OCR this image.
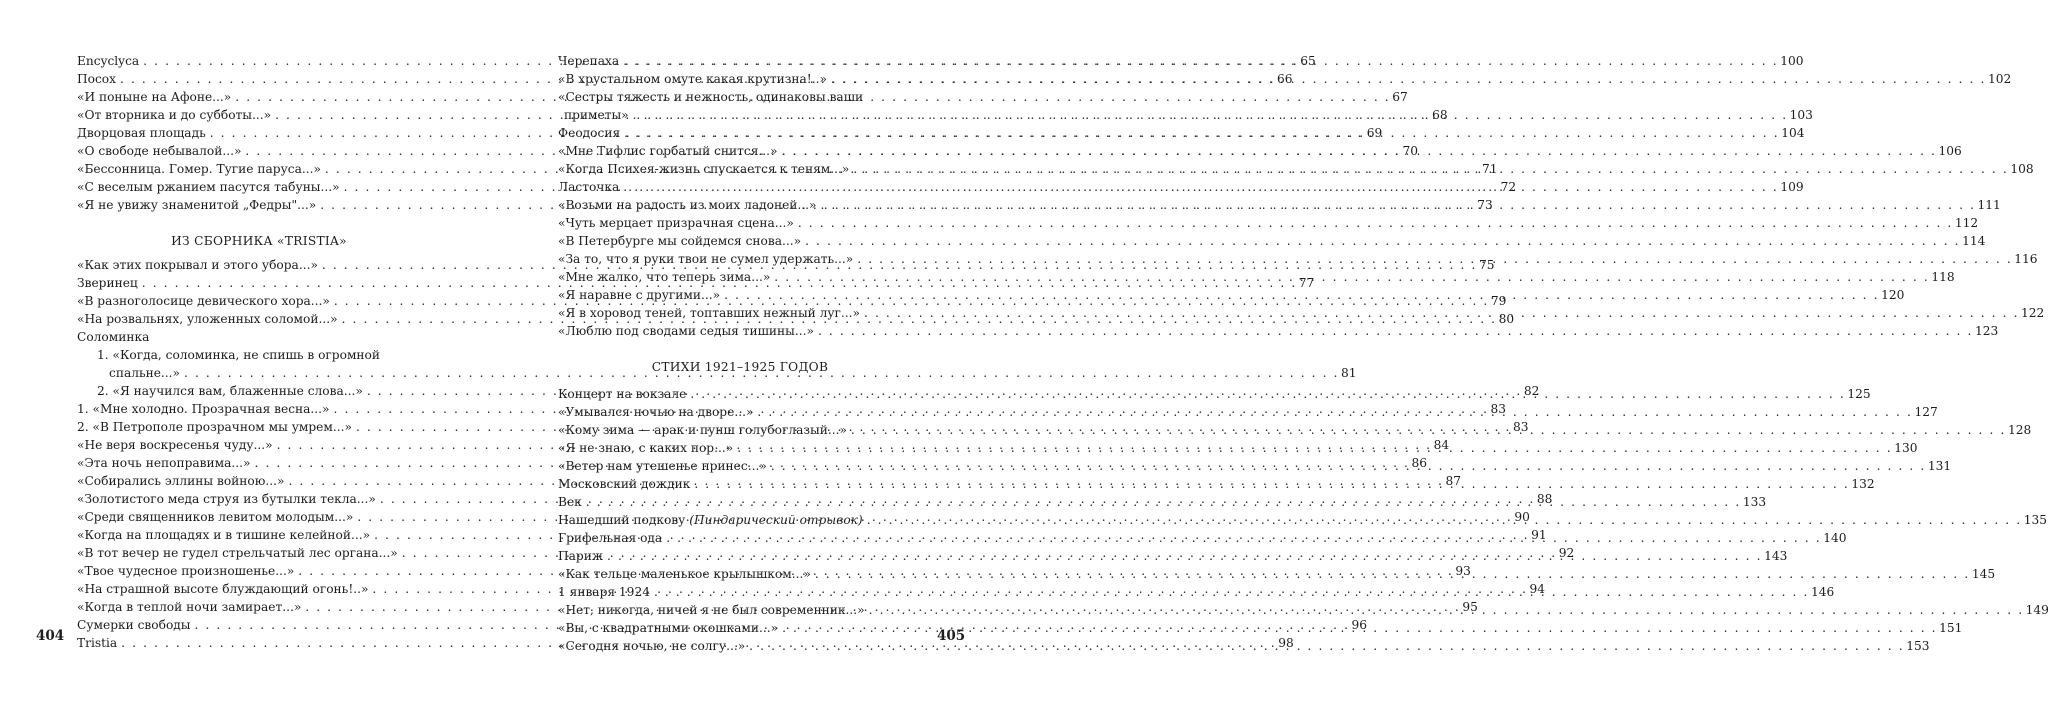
Encyclyca . . .	65
Посох . . .	66
«И поныне на Афоне...» . . .	67
«От вторника и до субботы...» . . .	68
Дворцовая площадь . . .	69
«О свободе небывалой...» . . .	70
«Бессонница. Гомер. Тугие паруса...» . . .	71
«С веселым ржанием пасутся табуны...» . . .	72
«Я не увижу знаменитой „Федры"...» . . .	73
ИЗ СБОРНИКА «TRISTIA»
«Как этих покрывал и этого убора...» . . .	75
Зверинец . . .	77
«В разноголосице девического хора...» . . .	79
«На розвальнях, уложенных соломой...» . . .	80
Соломинка
1. «Когда, соломинка, не спишь в огромной
спальне...» . . .	81
2. «Я научился вам, блаженные слова...» . . .	82
1. «Мне холодно. Прозрачная весна...» . . .	83
2. «В Петрополе прозрачном мы умрем...» . . .	83
«Не веря воскресенья чуду...» . . .	84
«Эта ночь непоправима...» . . .	86
«Собирались эллины войною...» . . .	87
«Золотистого меда струя из бутылки текла...» . . .	88
«Среди священников левитом молодым...» . . .	90
«Когда на площадях и в тишине келейной...» . . .	91
«В тот вечер не гудел стрельчатый лес органа...» . . .	92
«Твое чудесное произношенье...» . . .	93
«На страшной высоте блуждающий огонь!..» . . .	94
«Когда в теплой ночи замирает...» . . .	95
Сумерки свободы . . .	96
Tristia . . .	98
404
Черепаха . . .	100
«В хрустальном омуте какая крутизна!..» . . .	102
«Сестры тяжесть и нежность, одинаковы ваши
приметы» . . .	103
Феодосия . . .	104
«Мне Тифлис горбатый снится...» . . .	106
«Когда Психея-жизнь спускается к теням...» . . .	108
Ласточка . . .	109
«Возьми на радость из моих ладоней...» . . .	111
«Чуть мерцает призрачная сцена...» . . .	112
«В Петербурге мы сойдемся снова...» . . .	114
«За то, что я руки твои не сумел удержать...» . . .	116
«Мне жалко, что теперь зима...» . . .	118
«Я наравне с другими...» . . .	120
«Я в хоровод теней, топтавших нежный луг...» . . .	122
«Люблю под сводами седыя тишины...» . . .	123
СТИХИ 1921–1925 ГОДОВ
Концерт на вокзале . . .	125
«Умывался ночью на дворе...» . . .	127
«Кому зима — арак и пунш голубоглазый...» . . .	128
«Я не знаю, с каких пор...» . . .	130
«Ветер нам утешенье принес...» . . .	131
Московский дождик . . .	132
Век . . .	133
Нашедший подкову (Пиндарический отрывок) . . .	135
Грифельная ода . . .	140
Париж . . .	143
«Как тельце маленькое крылышком...» . . .	145
1 января 1924 . . .	146
«Нет, никогда, ничей я не был современник...» . . .	149
«Вы, с квадратными окошками...» . . .	151
«Сегодня ночью, не солгу...» . . .	153
405
